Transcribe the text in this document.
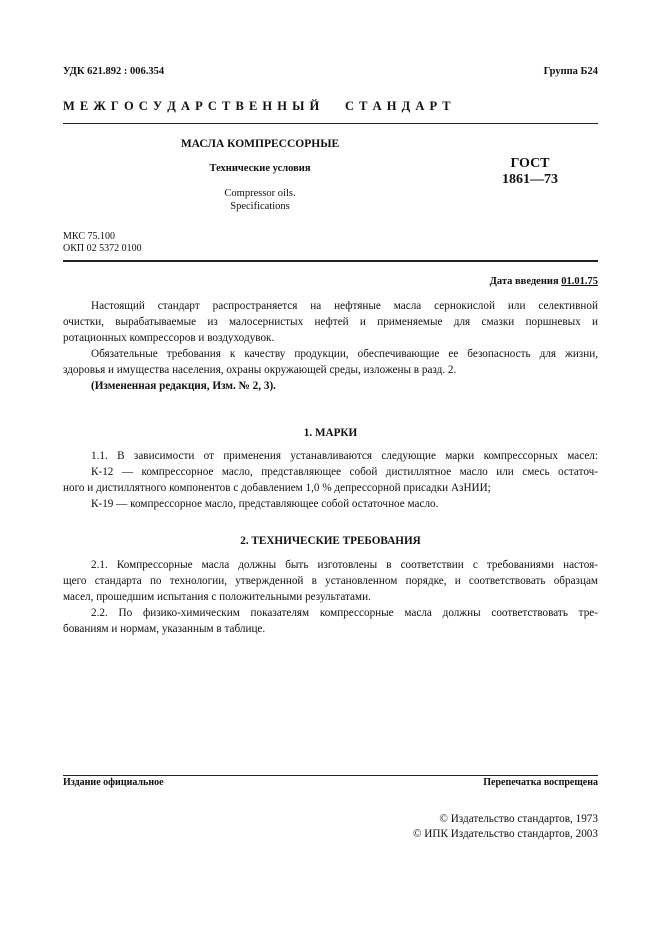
УДК 621.892 : 006.354	Группа Б24
М Е Ж Г О С У Д А Р С Т В Е Н Н Ы Й      С Т А Н Д А Р Т
МАСЛА КОМПРЕССОРНЫЕ
Технические условия
Compressor oils.
Specifications
ГОСТ
1861—73
МКС 75.100
ОКП 02 5372 0100
Дата введения 01.01.75
Настоящий стандарт распространяется на нефтяные масла сернокислой или селективной
очистки, вырабатываемые из малосернистых нефтей и применяемые для смазки поршневых и
ротационных компрессоров и воздуходувок.
Обязательные требования к качеству продукции, обеспечивающие ее безопасность для жизни,
здоровья и имущества населения, охраны окружающей среды, изложены в разд. 2.
(Измененная редакция, Изм. № 2, 3).
1. МАРКИ
1.1. В зависимости от применения устанавливаются следующие марки компрессорных масел:
К-12 — компрессорное масло, представляющее собой дистиллятное масло или смесь остаточ-
ного и дистиллятного компонентов с добавлением 1,0 % депрессорной присадки АзНИИ;
К-19 — компрессорное масло, представляющее собой остаточное масло.
2. ТЕХНИЧЕСКИЕ ТРЕБОВАНИЯ
2.1. Компрессорные масла должны быть изготовлены в соответствии с требованиями настоя-
щего стандарта по технологии, утвержденной в установленном порядке, и соответствовать образцам
масел, прошедшим испытания с положительными результатами.
2.2. По физико-химическим показателям компрессорные масла должны соответствовать тре-
бованиям и нормам, указанным в таблице.
Издание официальное	Перепечатка воспрещена
© Издательство стандартов, 1973
© ИПК Издательство стандартов, 2003
